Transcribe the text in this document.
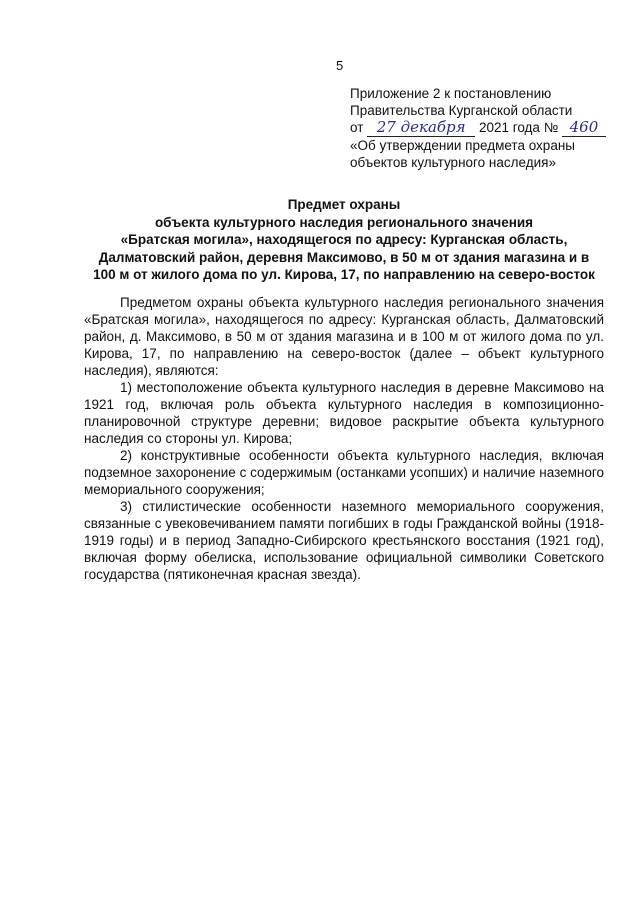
5
Приложение 2 к постановлению
Правительства Курганской области
от 27 декабря 2021 года № 460
«Об утверждении предмета охраны
объектов культурного наследия»
Предмет охраны
объекта культурного наследия регионального значения
«Братская могила», находящегося по адресу: Курганская область,
Далматовский район, деревня Максимово, в 50 м от здания магазина и в
100 м от жилого дома по ул. Кирова, 17, по направлению на северо-восток

Предметом охраны объекта культурного наследия регионального значения «Братская могила», находящегося по адресу: Курганская область, Далматовский район, д. Максимово, в 50 м от здания магазина и в 100 м от жилого дома по ул. Кирова, 17, по направлению на северо-восток (далее – объект культурного наследия), являются:

1) местоположение объекта культурного наследия в деревне Максимово на 1921 год, включая роль объекта культурного наследия в композиционно-планировочной структуре деревни; видовое раскрытие объекта культурного наследия со стороны ул. Кирова;

2) конструктивные особенности объекта культурного наследия, включая подземное захоронение с содержимым (останками усопших) и наличие наземного мемориального сооружения;

3) стилистические особенности наземного мемориального сооружения, связанные с увековечиванием памяти погибших в годы Гражданской войны (1918-1919 годы) и в период Западно-Сибирского крестьянского восстания (1921 год), включая форму обелиска, использование официальной символики Советского государства (пятиконечная красная звезда).
